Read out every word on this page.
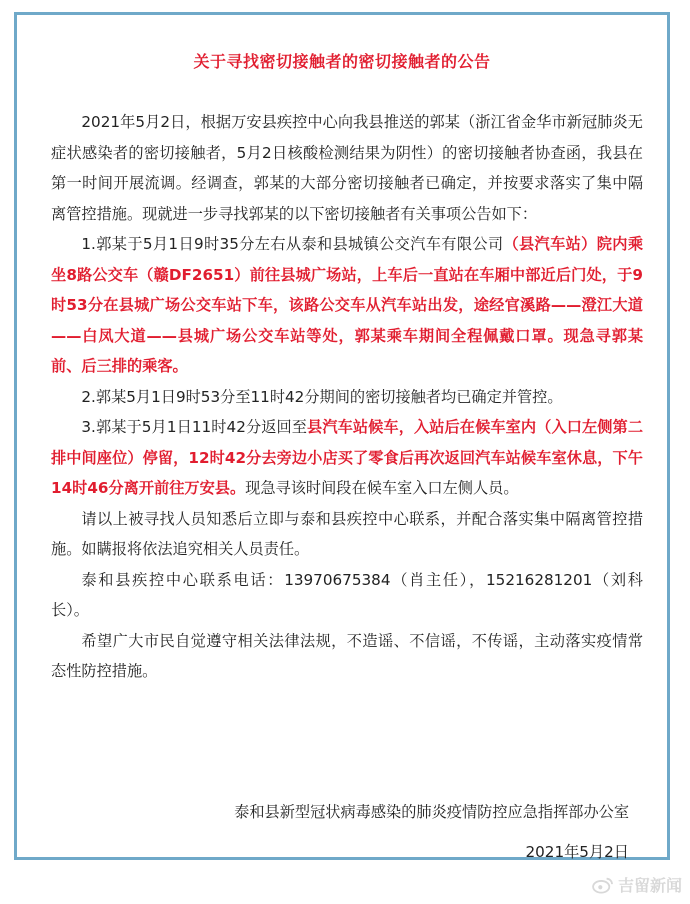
关于寻找密切接触者的密切接触者的公告

2021年5月2日，根据万安县疾控中心向我县推送的郭某（浙江省金华市新冠肺炎无症状感染者的密切接触者，5月2日核酸检测结果为阴性）的密切接触者协查函，我县在第一时间开展流调。经调查，郭某的大部分密切接触者已确定，并按要求落实了集中隔离管控措施。现就进一步寻找郭某的以下密切接触者有关事项公告如下：

1.郭某于5月1日9时35分左右从泰和县城镇公交汽车有限公司（县汽车站）院内乘坐8路公交车（赣DF2651）前往县城广场站，上车后一直站在车厢中部近后门处，于9时53分在县城广场公交车站下车，该路公交车从汽车站出发，途经官溪路——澄江大道——白凤大道——县城广场公交车站等处，郭某乘车期间全程佩戴口罩。现急寻郭某前、后三排的乘客。

2.郭某5月1日9时53分至11时42分期间的密切接触者均已确定并管控。

3.郭某于5月1日11时42分返回至县汽车站候车，入站后在候车室内（入口左侧第二排中间座位）停留，12时42分去旁边小店买了零食后再次返回汽车站候车室休息，下午14时46分离开前往万安县。现急寻该时间段在候车室入口左侧人员。

请以上被寻找人员知悉后立即与泰和县疾控中心联系，并配合落实集中隔离管控措施。如瞒报将依法追究相关人员责任。

泰和县疾控中心联系电话：13970675384（肖主任），15216281201（刘科长）。

希望广大市民自觉遵守相关法律法规，不造谣、不信谣，不传谣，主动落实疫情常态性防控措施。

泰和县新型冠状病毒感染的肺炎疫情防控应急指挥部办公室
2021年5月2日
吉留新闻
